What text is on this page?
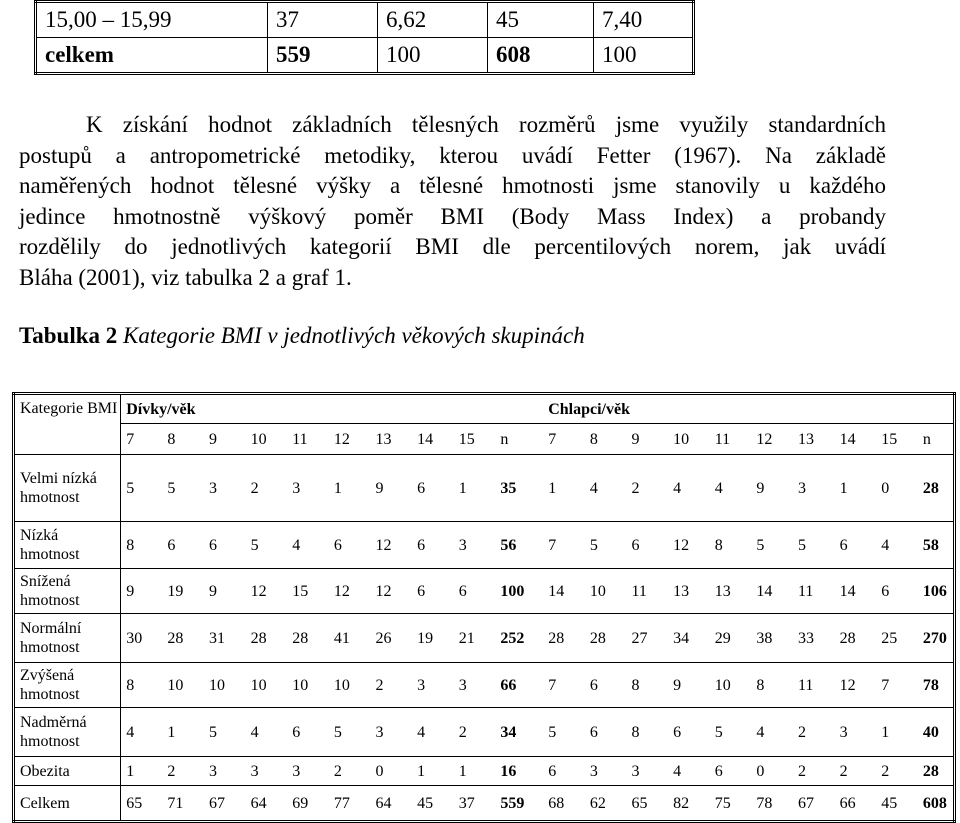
15,00 – 15,99	37	6,62	45	7,40
celkem	559	100	608	100
K získání hodnot základních tělesných rozměrů jsme využily standardních
postupů a antropometrické metodiky, kterou uvádí Fetter (1967). Na základě
naměřených hodnot tělesné výšky a tělesné hmotnosti jsme stanovily u každého
jedince hmotnostně výškový poměr BMI (Body Mass Index) a probandy
rozdělily do jednotlivých kategorií BMI dle percentilových norem, jak uvádí
Bláha (2001), viz tabulka 2 a graf 1.

Tabulka 2 Kategorie BMI v jednotlivých věkových skupinách

Kategorie BMI	Dívky/věk										Chlapci/věk									
	7	8	9	10	11	12	13	14	15	n	7	8	9	10	11	12	13	14	15	n
Velmi nízká hmotnost	5	5	3	2	3	1	9	6	1	35	1	4	2	4	4	9	3	1	0	28
Nízká hmotnost	8	6	6	5	4	6	12	6	3	56	7	5	6	12	8	5	5	6	4	58
Snížená hmotnost	9	19	9	12	15	12	12	6	6	100	14	10	11	13	13	14	11	14	6	106
Normální hmotnost	30	28	31	28	28	41	26	19	21	252	28	28	27	34	29	38	33	28	25	270
Zvýšená hmotnost	8	10	10	10	10	10	2	3	3	66	7	6	8	9	10	8	11	12	7	78
Nadměrná hmotnost	4	1	5	4	6	5	3	4	2	34	5	6	8	6	5	4	2	3	1	40
Obezita	1	2	3	3	3	2	0	1	1	16	6	3	3	4	6	0	2	2	2	28
Celkem	65	71	67	64	69	77	64	45	37	559	68	62	65	82	75	78	67	66	45	608
